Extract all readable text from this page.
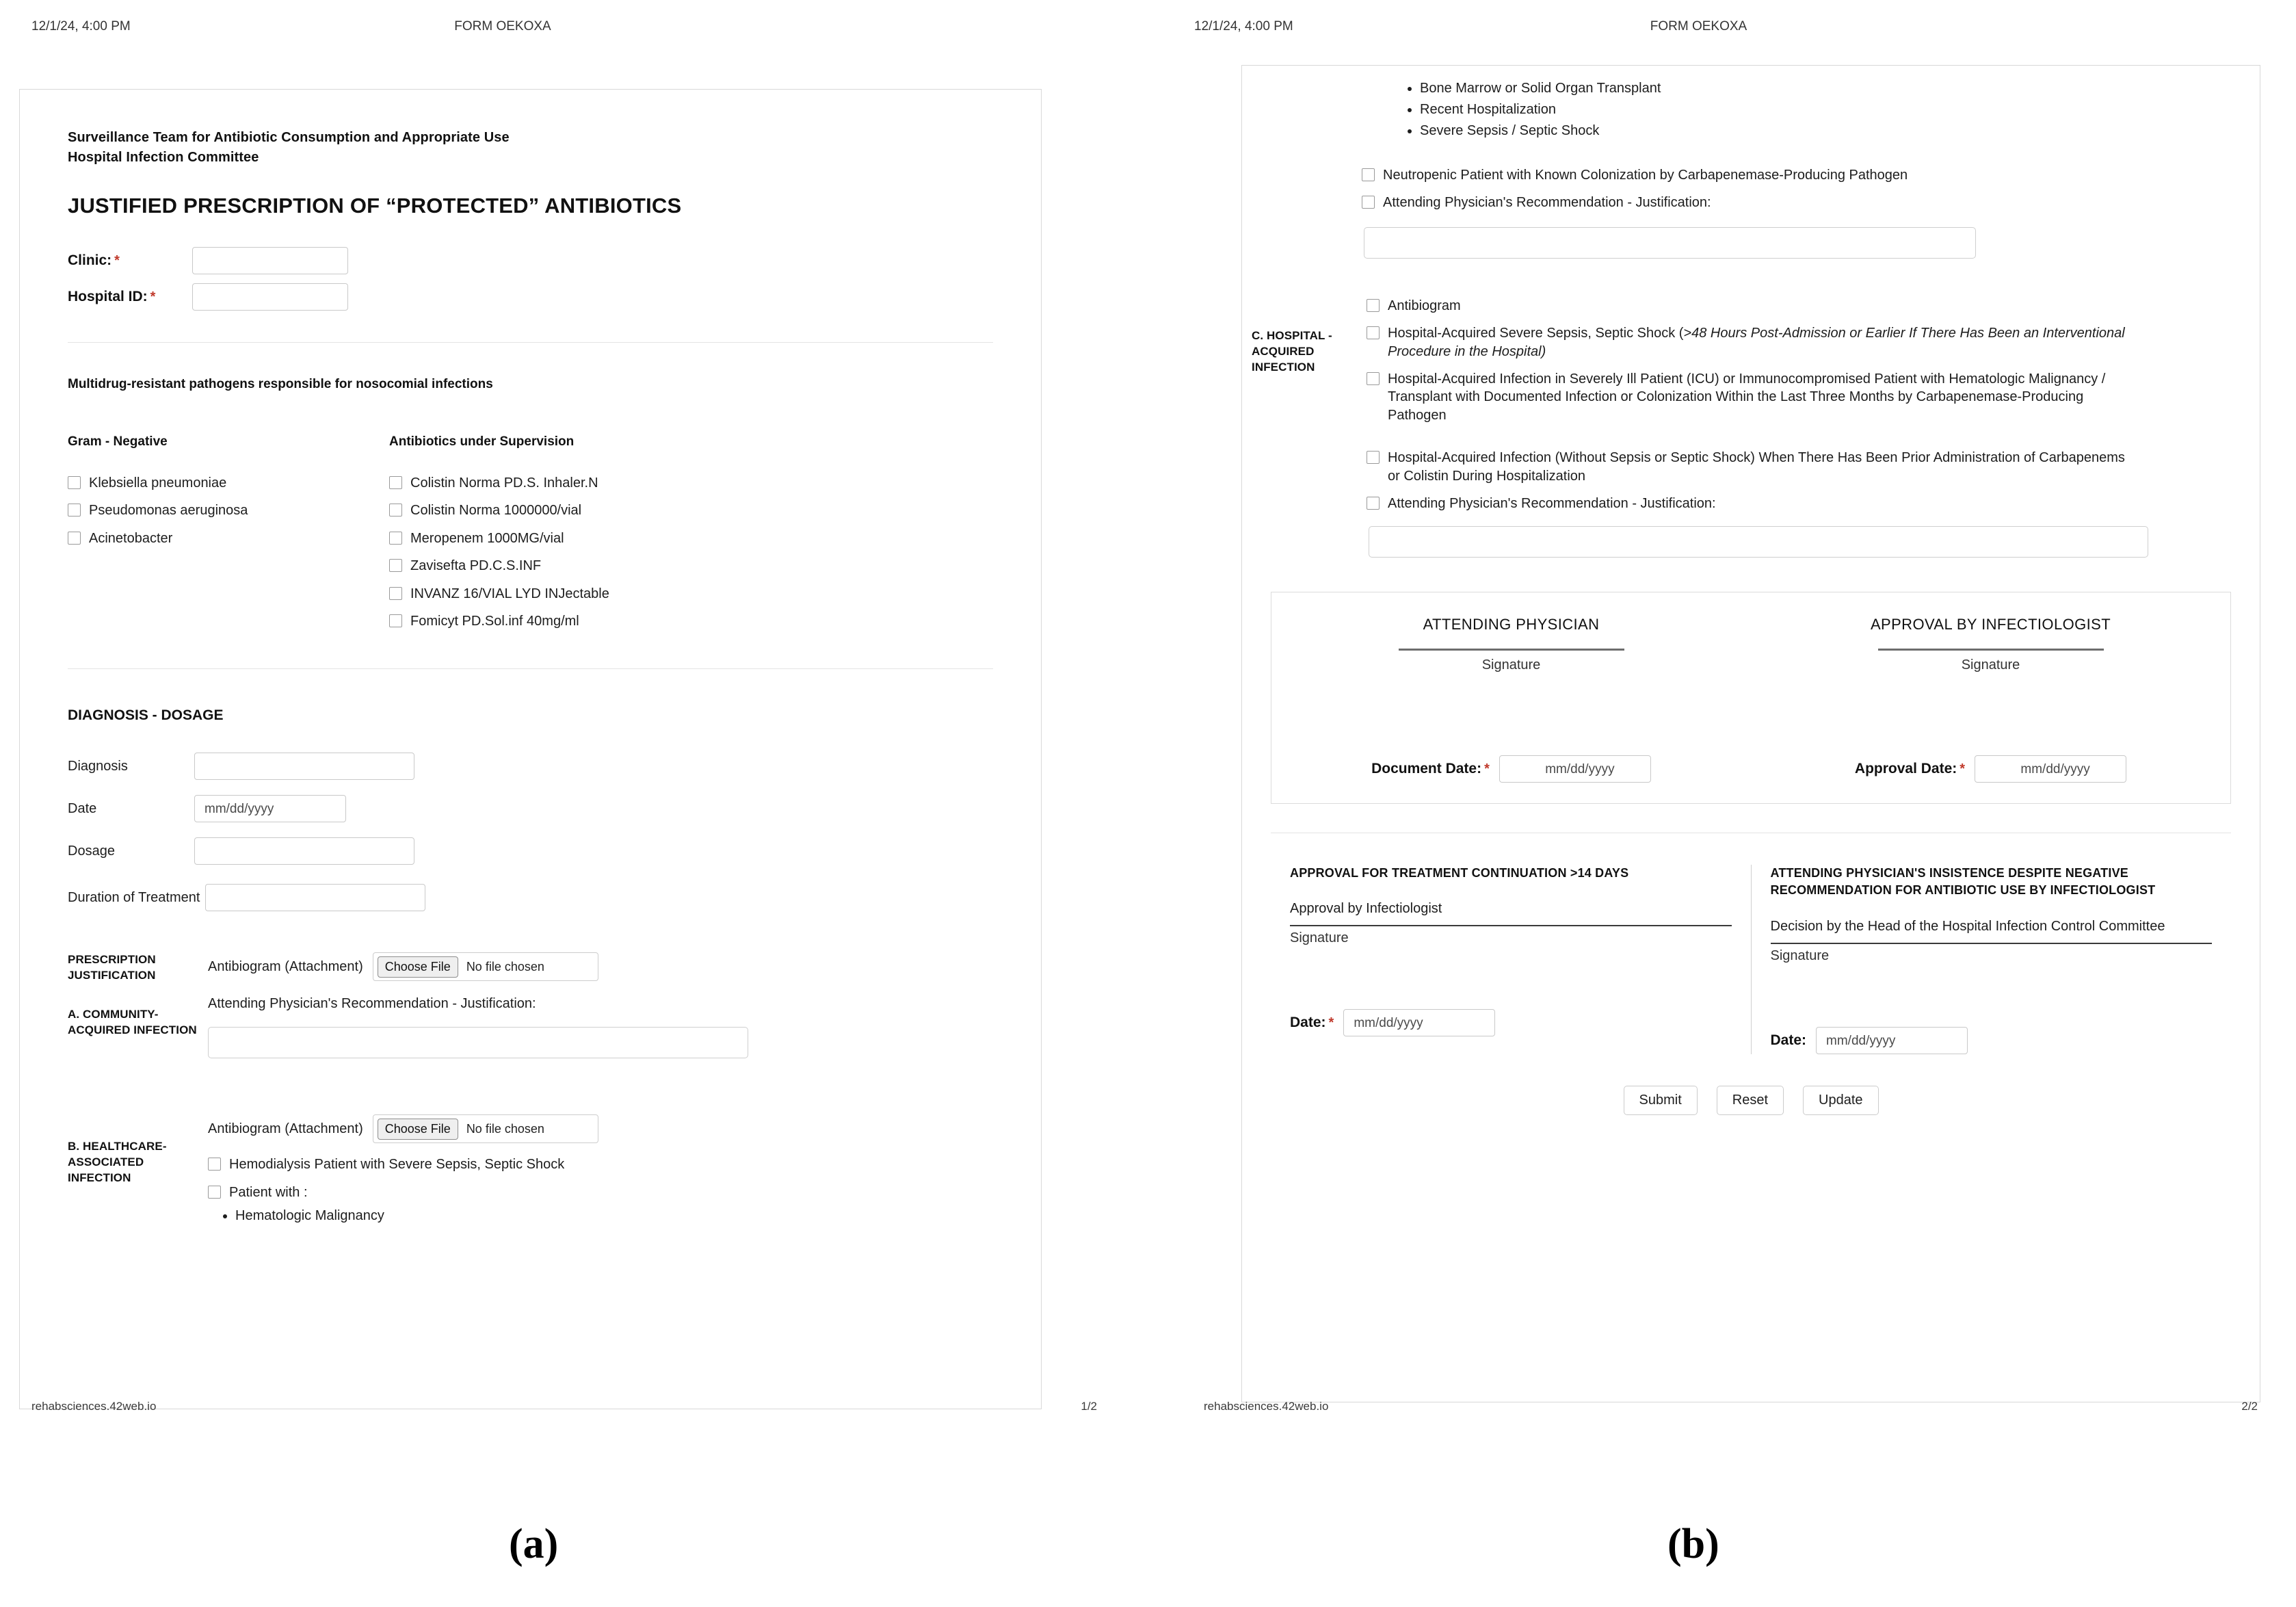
12/1/24, 4:00 PM	FORM OEKOXA
Surveillance Team for Antibiotic Consumption and Appropriate Use
Hospital Infection Committee
JUSTIFIED PRESCRIPTION OF “PROTECTED” ANTIBIOTICS
Clinic: *
Hospital ID: *
Multidrug-resistant pathogens responsible for nosocomial infections
Gram - Negative
Klebsiella pneumoniae
Pseudomonas aeruginosa
Acinetobacter
Antibiotics under Supervision
Colistin Norma PD.S. Inhaler.N
Colistin Norma 1000000/vial
Meropenem 1000MG/vial
Zavisefta PD.C.S.INF
INVANZ 16/VIAL LYD INJectable
Fomicyt PD.Sol.inf 40mg/ml
DIAGNOSIS - DOSAGE
Diagnosis
Date	mm/dd/yyyy
Dosage
Duration of Treatment
PRESCRIPTION JUSTIFICATION
A. COMMUNITY-ACQUIRED INFECTION
Antibiogram (Attachment)	Choose File	No file chosen
Attending Physician's Recommendation - Justification:
B. HEALTHCARE-ASSOCIATED INFECTION
Antibiogram (Attachment)	Choose File	No file chosen
Hemodialysis Patient with Severe Sepsis, Septic Shock
Patient with :
• Hematologic Malignancy
rehabsciences.42web.io	1/2
12/1/24, 4:00 PM	FORM OEKOXA
• Bone Marrow or Solid Organ Transplant
• Recent Hospitalization
• Severe Sepsis / Septic Shock
Neutropenic Patient with Known Colonization by Carbapenemase-Producing Pathogen
Attending Physician's Recommendation - Justification:
C. HOSPITAL - ACQUIRED INFECTION
Antibiogram
Hospital-Acquired Severe Sepsis, Septic Shock (>48 Hours Post-Admission or Earlier If There Has Been an Interventional Procedure in the Hospital)
Hospital-Acquired Infection in Severely Ill Patient (ICU) or Immunocompromised Patient with Hematologic Malignancy / Transplant with Documented Infection or Colonization Within the Last Three Months by Carbapenemase-Producing Pathogen
Hospital-Acquired Infection (Without Sepsis or Septic Shock) When There Has Been Prior Administration of Carbapenems or Colistin During Hospitalization
Attending Physician's Recommendation - Justification:
ATTENDING PHYSICIAN
Signature
Document Date: *	mm/dd/yyyy
APPROVAL BY INFECTIOLOGIST
Signature
Approval Date: *	mm/dd/yyyy
APPROVAL FOR TREATMENT CONTINUATION >14 DAYS
Approval by Infectiologist
Signature
Date: *	mm/dd/yyyy
ATTENDING PHYSICIAN'S INSISTENCE DESPITE NEGATIVE RECOMMENDATION FOR ANTIBIOTIC USE BY INFECTIOLOGIST
Decision by the Head of the Hospital Infection Control Committee
Signature
Date:	mm/dd/yyyy
Submit	Reset	Update
rehabsciences.42web.io	2/2
(a)	(b)
